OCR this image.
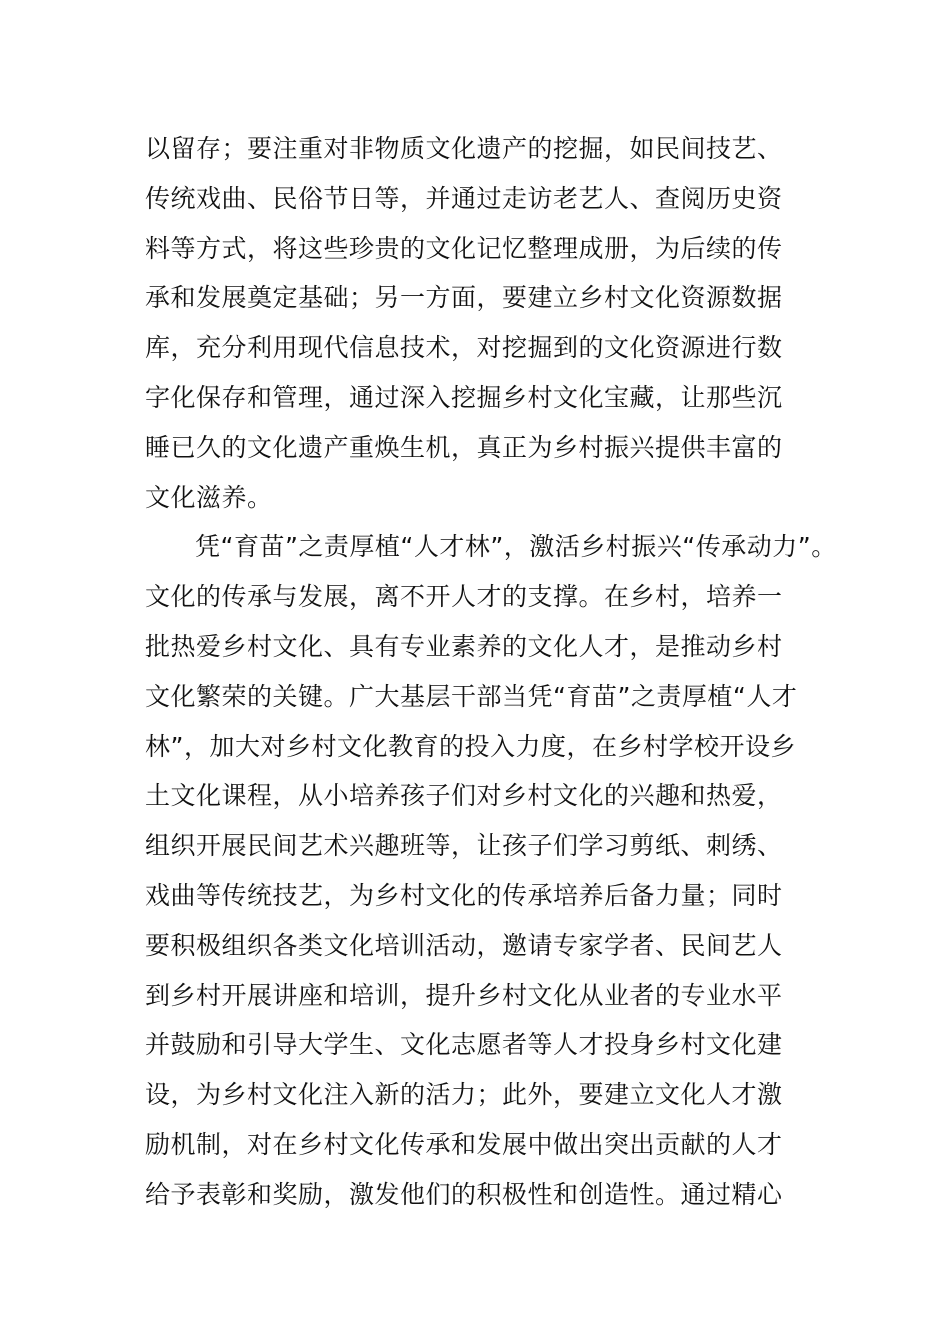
以留存；要注重对非物质文化遗产的挖掘，如民间技艺、
传统戏曲、民俗节日等，并通过走访老艺人、查阅历史资
料等方式，将这些珍贵的文化记忆整理成册，为后续的传
承和发展奠定基础；另一方面，要建立乡村文化资源数据
库，充分利用现代信息技术，对挖掘到的文化资源进行数
字化保存和管理，通过深入挖掘乡村文化宝藏，让那些沉
睡已久的文化遗产重焕生机，真正为乡村振兴提供丰富的
文化滋养。
凭“育苗”之责厚植“人才林”，激活乡村振兴“传承动力”。
文化的传承与发展，离不开人才的支撑。在乡村，培养一
批热爱乡村文化、具有专业素养的文化人才，是推动乡村
文化繁荣的关键。广大基层干部当凭“育苗”之责厚植“人才
林”，加大对乡村文化教育的投入力度，在乡村学校开设乡
土文化课程，从小培养孩子们对乡村文化的兴趣和热爱，
组织开展民间艺术兴趣班等，让孩子们学习剪纸、刺绣、
戏曲等传统技艺，为乡村文化的传承培养后备力量；同时
要积极组织各类文化培训活动，邀请专家学者、民间艺人
到乡村开展讲座和培训，提升乡村文化从业者的专业水平
并鼓励和引导大学生、文化志愿者等人才投身乡村文化建
设，为乡村文化注入新的活力；此外，要建立文化人才激
励机制，对在乡村文化传承和发展中做出突出贡献的人才
给予表彰和奖励，激发他们的积极性和创造性。通过精心
